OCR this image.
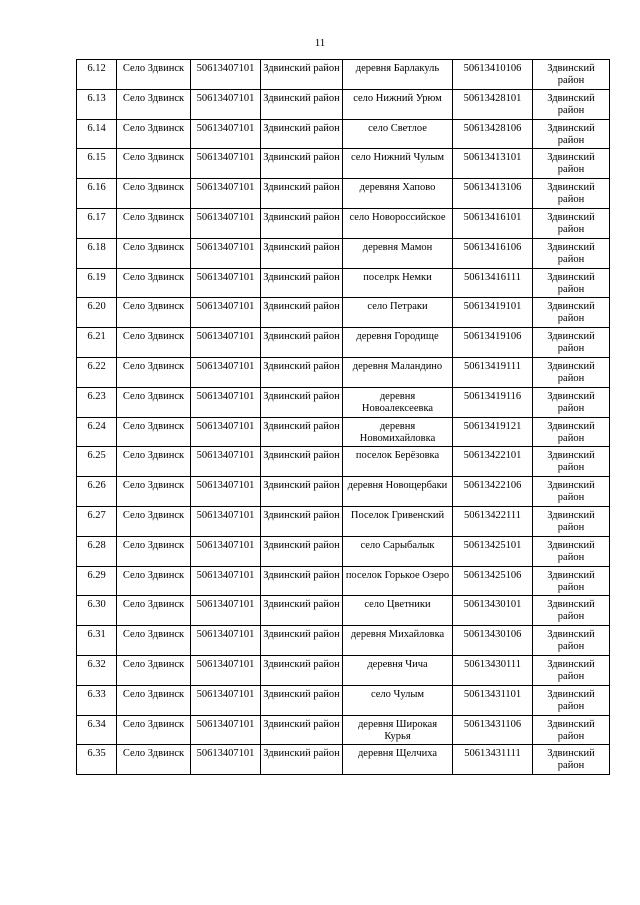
11
6.12	Село Здвинск	50613407101	Здвинский район	деревня Барлакуль	50613410106	Здвинский район
6.13	Село Здвинск	50613407101	Здвинский район	село Нижний Урюм	50613428101	Здвинский район
6.14	Село Здвинск	50613407101	Здвинский район	село Светлое	50613428106	Здвинский район
6.15	Село Здвинск	50613407101	Здвинский район	село Нижний Чулым	50613413101	Здвинский район
6.16	Село Здвинск	50613407101	Здвинский район	деревяня Хапово	50613413106	Здвинский район
6.17	Село Здвинск	50613407101	Здвинский район	село Новороссийское	50613416101	Здвинский район
6.18	Село Здвинск	50613407101	Здвинский район	деревня Мамон	50613416106	Здвинский район
6.19	Село Здвинск	50613407101	Здвинский район	поселрк Немки	50613416111	Здвинский район
6.20	Село Здвинск	50613407101	Здвинский район	село Петраки	50613419101	Здвинский район
6.21	Село Здвинск	50613407101	Здвинский район	деревня Городище	50613419106	Здвинский район
6.22	Село Здвинск	50613407101	Здвинский район	деревня Маландино	50613419111	Здвинский район
6.23	Село Здвинск	50613407101	Здвинский район	деревня Новоалексеевка	50613419116	Здвинский район
6.24	Село Здвинск	50613407101	Здвинский район	деревня Новомихайловка	50613419121	Здвинский район
6.25	Село Здвинск	50613407101	Здвинский район	поселок Берёзовка	50613422101	Здвинский район
6.26	Село Здвинск	50613407101	Здвинский район	деревня Новощербаки	50613422106	Здвинский район
6.27	Село Здвинск	50613407101	Здвинский район	Поселок Гривенский	50613422111	Здвинский район
6.28	Село Здвинск	50613407101	Здвинский район	село Сарыбалык	50613425101	Здвинский район
6.29	Село Здвинск	50613407101	Здвинский район	поселок Горькое Озеро	50613425106	Здвинский район
6.30	Село Здвинск	50613407101	Здвинский район	село Цветники	50613430101	Здвинский район
6.31	Село Здвинск	50613407101	Здвинский район	деревня Михайловка	50613430106	Здвинский район
6.32	Село Здвинск	50613407101	Здвинский район	деревня Чича	50613430111	Здвинский район
6.33	Село Здвинск	50613407101	Здвинский район	село Чулым	50613431101	Здвинский район
6.34	Село Здвинск	50613407101	Здвинский район	деревня Широкая Курья	50613431106	Здвинский район
6.35	Село Здвинск	50613407101	Здвинский район	деревня Щелчиха	50613431111	Здвинский район
